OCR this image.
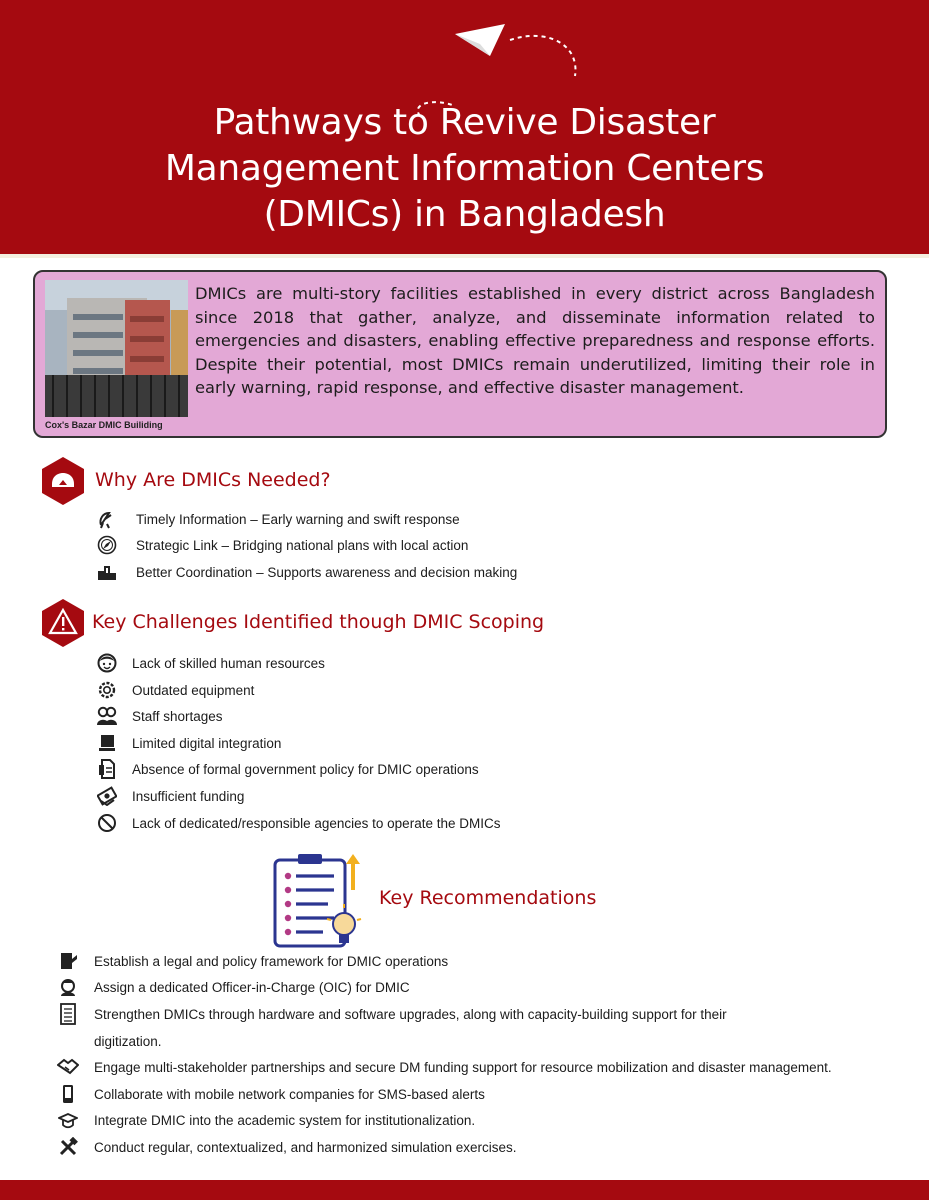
Pathways to Revive Disaster
Management Information Centers
(DMICs) in Bangladesh
Cox's Bazar DMIC Builiding
DMICs are multi-story facilities established in every district across Bangladesh since 2018 that gather, analyze, and disseminate information related to emergencies and disasters, enabling effective preparedness and response efforts. Despite their potential, most DMICs remain underutilized, limiting their role in early warning, rapid response, and effective disaster management.
Why Are DMICs Needed?
Timely Information – Early warning and swift response
Strategic Link – Bridging national plans with local action
Better Coordination – Supports awareness and decision making
Key Challenges Identified though DMIC Scoping
Lack of skilled human resources
Outdated equipment
Staff shortages
Limited digital integration
Absence of formal government policy for DMIC operations
Insufficient funding
Lack of dedicated/responsible agencies to operate the DMICs
Key Recommendations
Establish a legal and policy framework for DMIC operations
Assign a dedicated Officer-in-Charge (OIC) for DMIC
Strengthen DMICs through hardware and software upgrades, along with capacity-building support for their
digitization.
Engage multi-stakeholder partnerships and secure DM funding support for resource mobilization and disaster management.
Collaborate with mobile network companies for SMS-based alerts
Integrate DMIC into the academic system for institutionalization.
Conduct regular, contextualized, and harmonized simulation exercises.
